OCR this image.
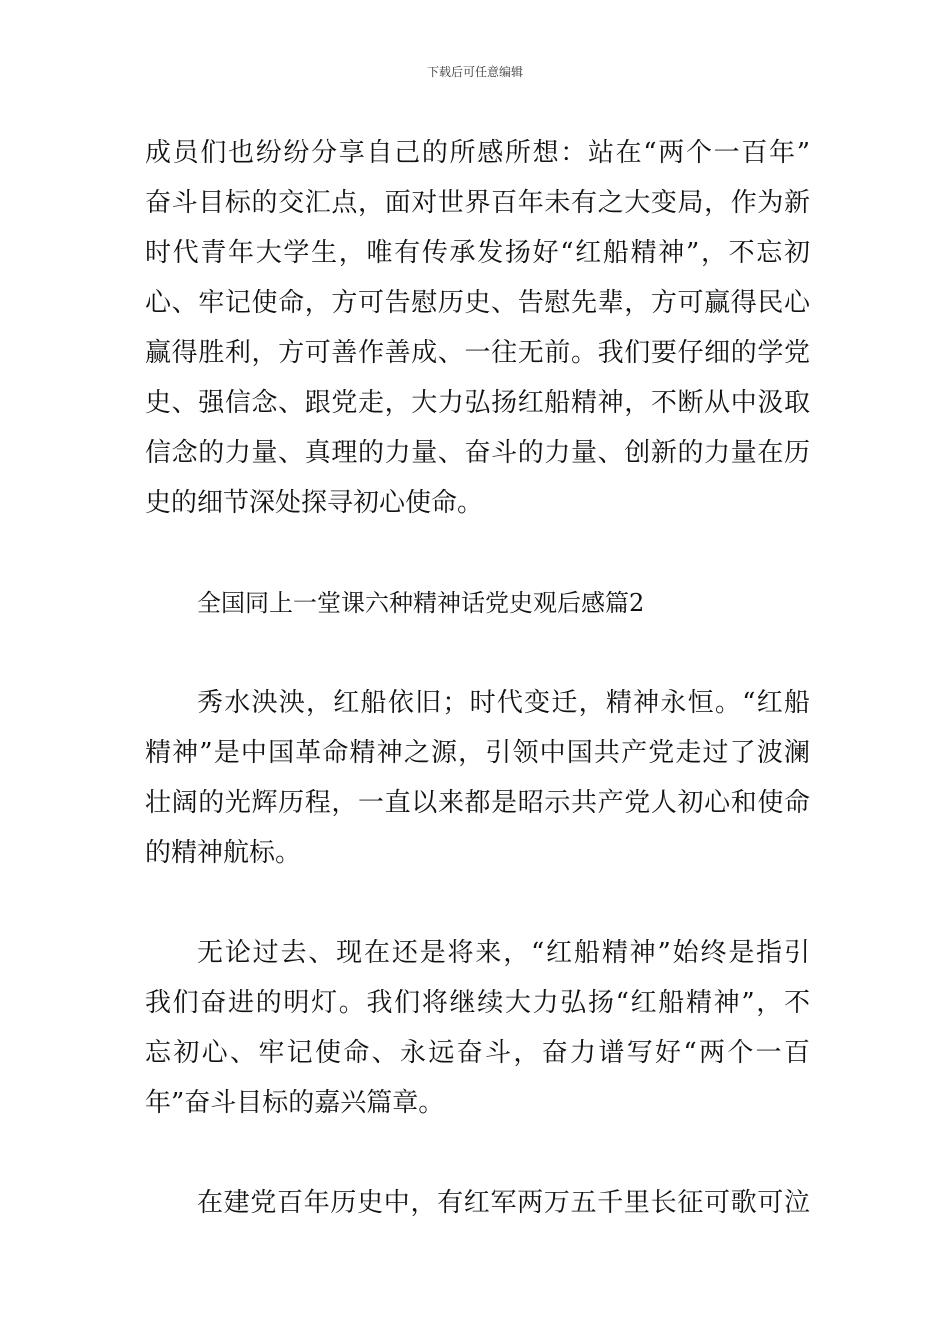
下载后可任意编辑
成员们也纷纷分享自己的所感所想：站在“两个一百年”
奋斗目标的交汇点，面对世界百年未有之大变局，作为新
时代青年大学生，唯有传承发扬好“红船精神”，不忘初
心、牢记使命，方可告慰历史、告慰先辈，方可赢得民心
赢得胜利，方可善作善成、一往无前。我们要仔细的学党
史、强信念、跟党走，大力弘扬红船精神，不断从中汲取
信念的力量、真理的力量、奋斗的力量、创新的力量在历
史的细节深处探寻初心使命。
全国同上一堂课六种精神话党史观后感篇2
秀水泱泱，红船依旧；时代变迁，精神永恒。“红船
精神”是中国革命精神之源，引领中国共产党走过了波澜
壮阔的光辉历程，一直以来都是昭示共产党人初心和使命
的精神航标。
无论过去、现在还是将来，“红船精神”始终是指引
我们奋进的明灯。我们将继续大力弘扬“红船精神”，不
忘初心、牢记使命、永远奋斗，奋力谱写好“两个一百
年”奋斗目标的嘉兴篇章。
在建党百年历史中，有红军两万五千里长征可歌可泣
